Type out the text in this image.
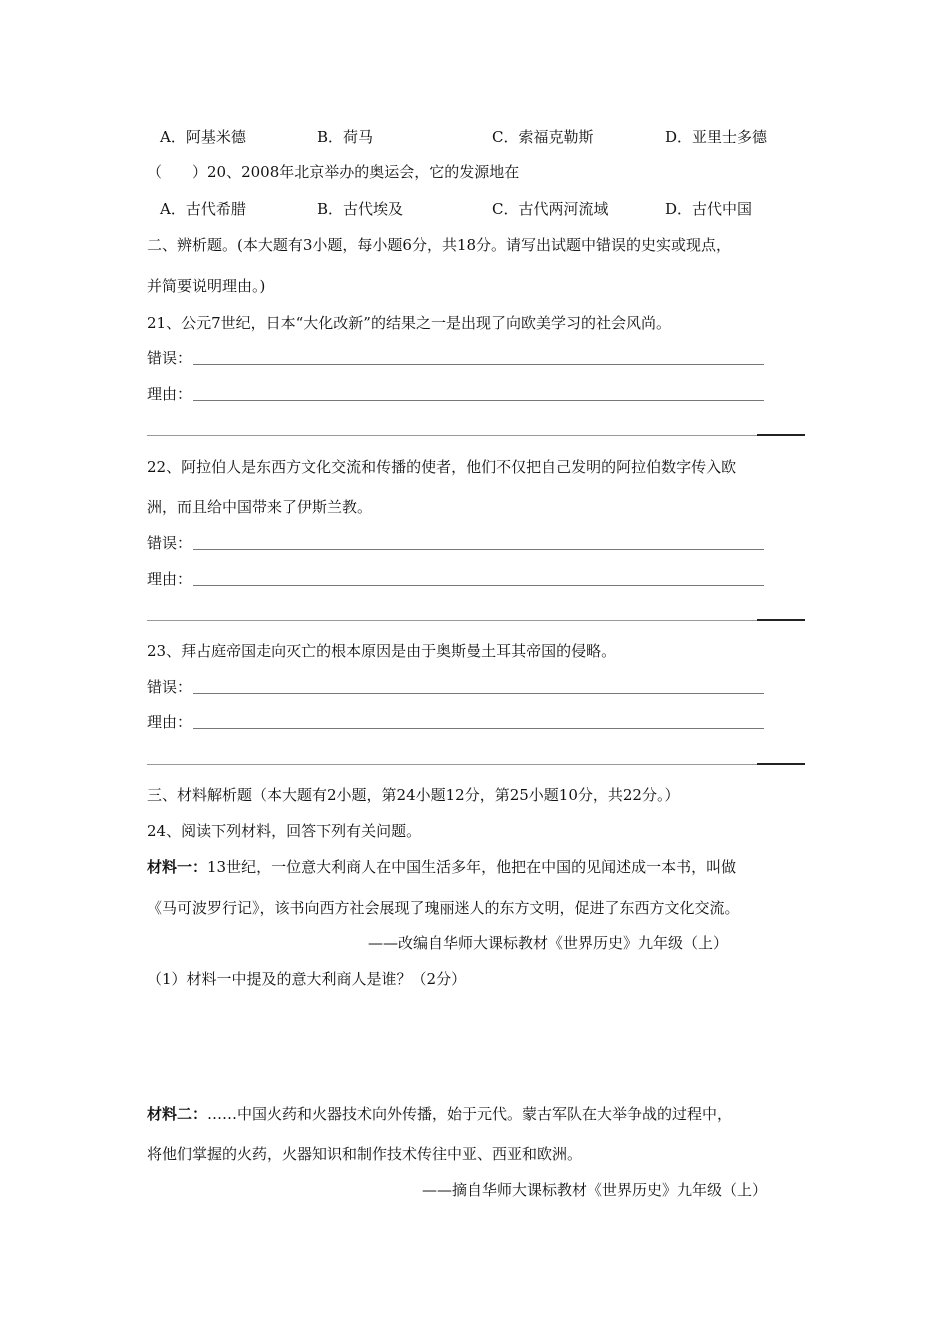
A．阿基米德	B．荷马	C．索福克勒斯	D．亚里士多德
（　　）20、2008年北京举办的奥运会，它的发源地在
A．古代希腊	B．古代埃及	C．古代两河流域	D．古代中国
二、辨析题。(本大题有3小题，每小题6分，共18分。请写出试题中错误的史实或现点，
并简要说明理由。)
21、公元7世纪，日本“大化改新”的结果之一是出现了向欧美学习的社会风尚。
错误：
理由：
22、阿拉伯人是东西方文化交流和传播的使者，他们不仅把自己发明的阿拉伯数字传入欧
洲，而且给中国带来了伊斯兰教。
错误：
理由：
23、拜占庭帝国走向灭亡的根本原因是由于奥斯曼土耳其帝国的侵略。
错误：
理由：
三、材料解析题（本大题有2小题，第24小题12分，第25小题10分，共22分。）
24、阅读下列材料，回答下列有关问题。
材料一：13世纪，一位意大利商人在中国生活多年，他把在中国的见闻述成一本书，叫做
《马可波罗行记》，该书向西方社会展现了瑰丽迷人的东方文明，促进了东西方文化交流。
——改编自华师大课标教材《世界历史》九年级（上）
（1）材料一中提及的意大利商人是谁？（2分）
材料二：……中国火药和火器技术向外传播，始于元代。蒙古军队在大举争战的过程中，
将他们掌握的火药，火器知识和制作技术传往中亚、西亚和欧洲。
——摘自华师大课标教材《世界历史》九年级（上）
